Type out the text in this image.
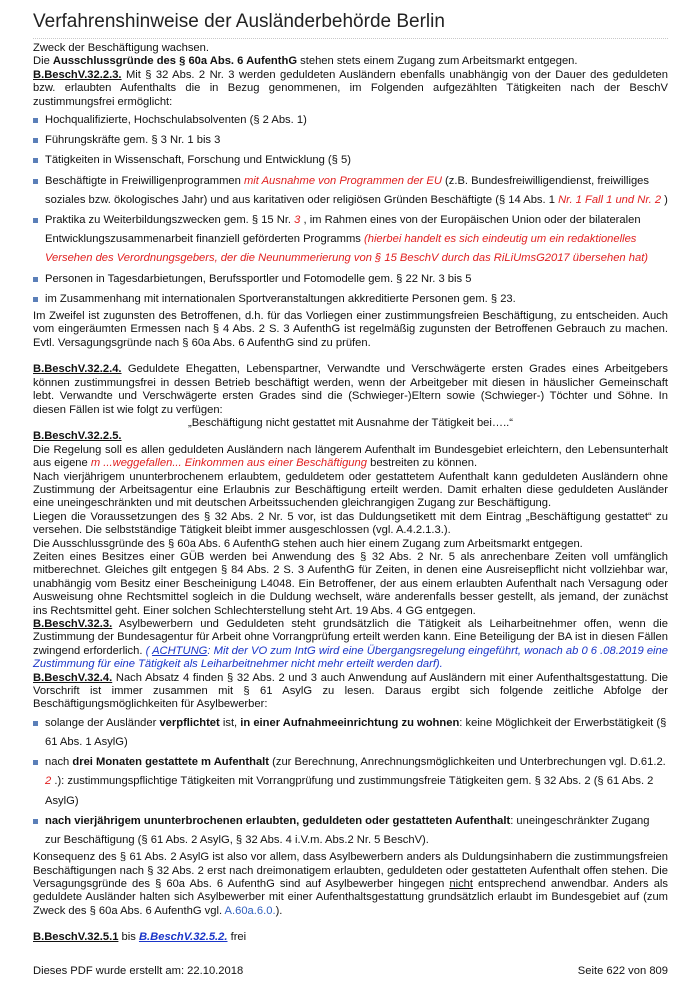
Verfahrenshinweise der Ausländerbehörde Berlin

Zweck der Beschäftigung wachsen.

Die Ausschlussgründe des § 60a Abs. 6 AufenthG stehen stets einem Zugang zum Arbeitsmarkt entgegen.

B.BeschV.32.2.3. Mit § 32 Abs. 2 Nr. 3 werden geduldeten Ausländern ebenfalls unabhängig von der Dauer des geduldeten bzw. erlaubten Aufenthalts die in Bezug genommenen, im Folgenden aufgezählten Tätigkeiten nach der BeschV zustimmungsfrei ermöglicht:

Hochqualifizierte, Hochschulabsolventen (§ 2 Abs. 1)
Führungskräfte gem. § 3 Nr. 1 bis 3
Tätigkeiten in Wissenschaft, Forschung und Entwicklung (§ 5)
Beschäftigte in Freiwilligenprogrammen mit Ausnahme von Programmen der EU (z.B. Bundesfreiwilligendienst, freiwilliges soziales bzw. ökologisches Jahr) und aus karitativen oder religiösen Gründen Beschäftigte (§ 14 Abs. 1 Nr. 1 Fall 1 und Nr. 2 )
Praktika zu Weiterbildungszwecken gem. § 15 Nr. 3 , im Rahmen eines von der Europäischen Union oder der bilateralen Entwicklungszusammenarbeit finanziell geförderten Programms (hierbei handelt es sich eindeutig um ein redaktionelles Versehen des Verordnungsgebers, der die Neunummerierung von § 15 BeschV durch das RiLiUmsG2017 übersehen hat)
Personen in Tagesdarbietungen, Berufssportler und Fotomodelle gem. § 22 Nr. 3 bis 5
im Zusammenhang mit internationalen Sportveranstaltungen akkreditierte Personen gem. § 23.

Im Zweifel ist zugunsten des Betroffenen, d.h. für das Vorliegen einer zustimmungsfreien Beschäftigung, zu entscheiden. Auch vom eingeräumten Ermessen nach § 4 Abs. 2 S. 3 AufenthG ist regelmäßig zugunsten der Betroffenen Gebrauch zu machen. Evtl. Versagungsgründe nach § 60a Abs. 6 AufenthG sind zu prüfen.

B.BeschV.32.2.4. Geduldete Ehegatten, Lebenspartner, Verwandte und Verschwägerte ersten Grades eines Arbeitgebers können zustimmungsfrei in dessen Betrieb beschäftigt werden, wenn der Arbeitgeber mit diesen in häuslicher Gemeinschaft lebt. Verwandte und Verschwägerte ersten Grades sind die (Schwieger-)Eltern sowie (Schwieger-) Töchter und Söhne. In diesen Fällen ist wie folgt zu verfügen:

„Beschäftigung nicht gestattet mit Ausnahme der Tätigkeit bei…..“

B.BeschV.32.2.5.

Die Regelung soll es allen geduldeten Ausländern nach längerem Aufenthalt im Bundesgebiet erleichtern, den Lebensunterhalt aus eigene m ...weggefallen... Einkommen aus einer Beschäftigung bestreiten zu können.

Nach vierjährigem ununterbrochenem erlaubtem, geduldetem oder gestattetem Aufenthalt kann geduldeten Ausländern ohne Zustimmung der Arbeitsagentur eine Erlaubnis zur Beschäftigung erteilt werden. Damit erhalten diese geduldeten Ausländer eine uneingeschränkten und mit deutschen Arbeitssuchenden gleichrangigen Zugang zur Beschäftigung.

Liegen die Voraussetzungen des § 32 Abs. 2 Nr. 5 vor, ist das Duldungsetikett mit dem Eintrag „Beschäftigung gestattet“ zu versehen. Die selbstständige Tätigkeit bleibt immer ausgeschlossen (vgl. A.4.2.1.3.).

Die Ausschlussgründe des § 60a Abs. 6 AufenthG stehen auch hier einem Zugang zum Arbeitsmarkt entgegen.

Zeiten eines Besitzes einer GÜB werden bei Anwendung des § 32 Abs. 2 Nr. 5 als anrechenbare Zeiten voll umfänglich mitberechnet. Gleiches gilt entgegen § 84 Abs. 2 S. 3 AufenthG für Zeiten, in denen eine Ausreisepflicht nicht vollziehbar war, unabhängig vom Besitz einer Bescheinigung L4048. Ein Betroffener, der aus einem erlaubten Aufenthalt nach Versagung oder Ausweisung ohne Rechtsmittel sogleich in die Duldung wechselt, wäre anderenfalls besser gestellt, als jemand, der zunächst ins Rechtsmittel geht. Einer solchen Schlechterstellung steht Art. 19 Abs. 4 GG entgegen.

B.BeschV.32.3. Asylbewerbern und Geduldeten steht grundsätzlich die Tätigkeit als Leiharbeitnehmer offen, wenn die Zustimmung der Bundesagentur für Arbeit ohne Vorrangprüfung erteilt werden kann. Eine Beteiligung der BA ist in diesen Fällen zwingend erforderlich. ( ACHTUNG: Mit der VO zum IntG wird eine Übergangsregelung eingeführt, wonach ab 0 6 .08.2019 eine Zustimmung für eine Tätigkeit als Leiharbeitnehmer nicht mehr erteilt werden darf).

B.BeschV.32.4. Nach Absatz 4 finden § 32 Abs. 2 und 3 auch Anwendung auf Ausländern mit einer Aufenthaltsgestattung. Die Vorschrift ist immer zusammen mit § 61 AsylG zu lesen. Daraus ergibt sich folgende zeitliche Abfolge der Beschäftigungsmöglichkeiten für Asylbewerber:

solange der Ausländer verpflichtet ist, in einer Aufnahmeeinrichtung zu wohnen: keine Möglichkeit der Erwerbstätigkeit (§ 61 Abs. 1 AsylG)
nach drei Monaten gestattete m Aufenthalt (zur Berechnung, Anrechnungsmöglichkeiten und Unterbrechungen vgl. D.61.2. 2 .): zustimmungspflichtige Tätigkeiten mit Vorrangprüfung und zustimmungsfreie Tätigkeiten gem. § 32 Abs. 2 (§ 61 Abs. 2 AsylG)
nach vierjährigem ununterbrochenen erlaubten, geduldeten oder gestatteten Aufenthalt: uneingeschränkter Zugang zur Beschäftigung (§ 61 Abs. 2 AsylG, § 32 Abs. 4 i.V.m. Abs.2 Nr. 5 BeschV).

Konsequenz des § 61 Abs. 2 AsylG ist also vor allem, dass Asylbewerbern anders als Duldungsinhabern die zustimmungsfreien Beschäftigungen nach § 32 Abs. 2 erst nach dreimonatigem erlaubten, geduldeten oder gestatteten Aufenthalt offen stehen. Die Versagungsgründe des § 60a Abs. 6 AufenthG sind auf Asylbewerber hingegen nicht entsprechend anwendbar. Anders als geduldete Ausländer halten sich Asylbewerber mit einer Aufenthaltsgestattung grundsätzlich erlaubt im Bundesgebiet auf (zum Zweck des § 60a Abs. 6 AufenthG vgl. A.60a.6.0.).

B.BeschV.32.5.1 bis B.BeschV.32.5.2. frei

Dieses PDF wurde erstellt am: 22.10.2018	Seite 622 von 809
